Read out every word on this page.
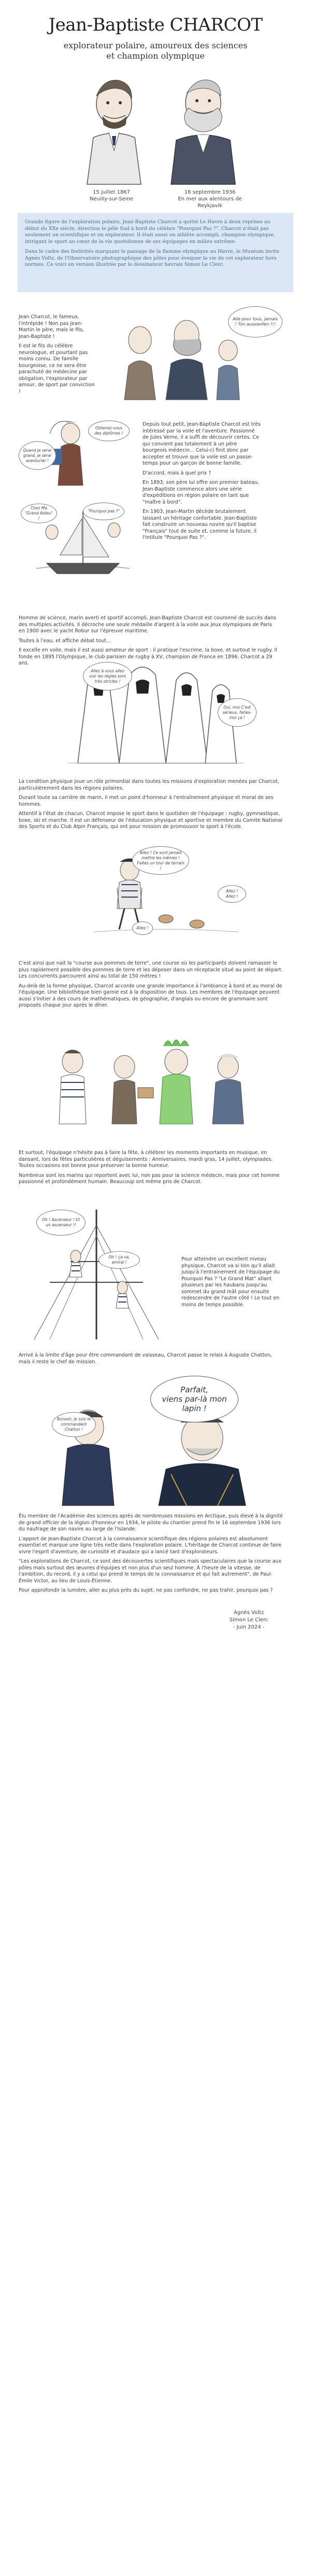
Jean-Baptiste CHARCOT
explorateur polaire, amoureux des sciences
et champion olympique
15 juillet 1867
Neuilly-sur-Seine
16 septembre 1936
En mer aux alentours de Reykjavik

Grande figure de l'exploration polaire, Jean-Baptiste Charcot a quitté Le Havre à deux reprises au début du XXe siècle, direction le pôle Sud à bord du célèbre "Pourquoi Pas ?". Charcot n'était pas seulement un scientifique et un explorateur. Il était aussi un athlète accompli, champion olympique, intrigant le sport au cœur de la vie quotidienne de ses équipages en milieu extrême.

Dans le cadre des festivités marquant le passage de la flamme olympique au Havre, le Muséum invite Agnès Voltz, de l'Observatoire photographique des pôles pour évoquer la vie de cet explorateur hors normes. Ce voici en version illustrée par le dessinateur havrais Simon Le Clerc.

Jean Charcot, le fameux, l'intrépide ! Non pas Jean-Martin le père, mais le fils, Jean-Baptiste !

Il est le fils du célèbre neurologue, et pourtant pas moins connu. De famille bourgeoise, ce ne sera être parachuté de médecine par obligation, l'explorateur par amour, de sport par conviction !

Alle pour tous, jamais ! Ton aussiwillen !!!
Quand je serai grand, je serai aventurier !
Obtenez-vous des diplômes !
Chez Ma "Grand Adieu" !
"Pourquoi pas ?"

Depuis tout petit, Jean-Baptiste Charcot est très intéressé par la voile et l'aventure. Passionné de Jules Verne, il a suffi de découvrir certes. Ce qui convient pas totalement à un père bourgeois médecin... Celui-ci finit donc par accepter et trouve que la voile est un passe-temps pour un garçon de bonne famille.

D'accord, mais à quel prix ?

En 1893, son père lui offre son premier bateau. Jean-Baptiste commence alors une série d'expéditions en région polaire en tant que "maître à bord".

En 1903, Jean-Martin décède brutalement laissant un héritage confortable. Jean-Baptiste fait construire un nouveau navire qu'il baptise "Français" tout de suite et, comme la future, il l'intitule "Pourquoi Pas ?".

Homme de science, marin averti et sportif accompli, Jean-Baptiste Charcot est couronné de succès dans des multiples activités. Il décroche une seule médaille d'argent à la voile aux Jeux olympiques de Paris en 1900 avec le yacht Robur sur l'épreuve maritime.

Toutes à l'eau, et affiche débat tout...

Il excelle en voile, mais il est aussi amateur de sport : il pratique l'escrime, la boxe, et surtout le rugby. Il fonde en 1895 l'Olympique, le club parisien de rugby à XV, champion de France en 1896. Charcot a 29 ans.

Allez à vous allez voir les règles sont très strictes !
Oui, moi C'est sérieux, faites-moi ça !

La condition physique joue un rôle primordial dans toutes les missions d'exploration menées par Charcot, particulièrement dans les régions polaires.

Durant toute sa carrière de marin, il met un point d'honneur à l'entraînement physique et moral de ses hommes.

Attentif à l'état de chacun, Charcot impose le sport dans le quotidien de l'équipage : rugby, gymnastique, boxe, ski et marche. Il est un défenseur de l'éducation physique et sportive et membre du Comité National des Sports et du Club Alpin Français, qui ont pour mission de promouvoir le sport à l'école.

Allez ! Ce sont jamais mettre les mêmes ! Faites un tour de terrain !
Allez ! Allez !
Allez !

C'est ainsi que nait la "course aux pommes de terre", une course où les participants doivent ramasser le plus rapidement possible des pommes de terre et les déposer dans un réceptacle situé au point de départ. Les concurrents parcourent ainsi au total de 150 mètres !

Au-delà de la forme physique, Charcot accorde une grande importance à l'ambiance à bord et au moral de l'équipage. Une bibliothèque bien garnie est à la disposition de tous. Les membres de l'équipage peuvent aussi s'initier à des cours de mathématiques, de géographie, d'anglais ou encore de grammaire sont proposés chaque jour après le dîner.

Et surtout, l'équipage n'hésite pas à faire la fête, à célébrer les moments importants en musique, en dansant, lors de fêtes particulières et déguisements : Anniversaires, mardi gras, 14 juillet, olympiades. Toutes occasions est bonne pour préserver la bonne humeur.

Nombreux sont les marins qui reportent avec lui, non pas pour la science médecin, mais pour cet homme passionné et profondément humain. Beaucoup ont même pris de Charcot.

Oh ! Ascenseur ! Et un ascenseur !!
Oh ! ça va, amiral !

Pour atteindre un excellent niveau physique, Charcot va si loin qu'il allait jusqu'à l'entrainement de l'équipage du Pourquoi Pas ? "Le Grand Mat" allant plusieurs par les haubans jusqu'au sommet du grand mât pour ensuite redescendre de l'autre côté ! Le tout en moins de temps possible.

Arrivé à la limite d'âge pour être commandant de vaisseau, Charcot passe le relais à Auguste Chatton, mais il reste le chef de mission.

Parfait,
viens par-là mon
lapin !
Bonsoir, je suis le commandant Chatton !

Élu membre de l'Académie des sciences après de nombreuses missions en Arctique, puis élevé à la dignité de grand officier de la légion d'honneur en 1934, le pilote du chantier prend fin le 16 septembre 1936 lors du naufrage de son navire au large de l'Islande.

L'apport de Jean-Baptiste Charcot à la connaissance scientifique des régions polaires est absolument essentiel et marque une ligne très nette dans l'exploration polaire. L'héritage de Charcot continue de faire vivre l'esprit d'aventure, de curiosité et d'audace qui a lancé tant d'explorateurs.

"Les explorations de Charcot, ce sont des découvertes scientifiques mais spectaculaires que la course aux pôles mais surtout des œuvres d'équipes et non plus d'un seul homme. À l'heure de la vitesse, de l'ambition, du record, il y a celui qui prend le temps de la connaissance et qui fait autrement", de Paul-Émile Victor, au lieu de Louis-Étienne.

Pour approfondir la lumière, aller au plus près du sujet, ne pas confondre, ne pas trahir, pourquoi pas ?

Agnès Voltz
Simon Le Clerc
- Juin 2024 -
